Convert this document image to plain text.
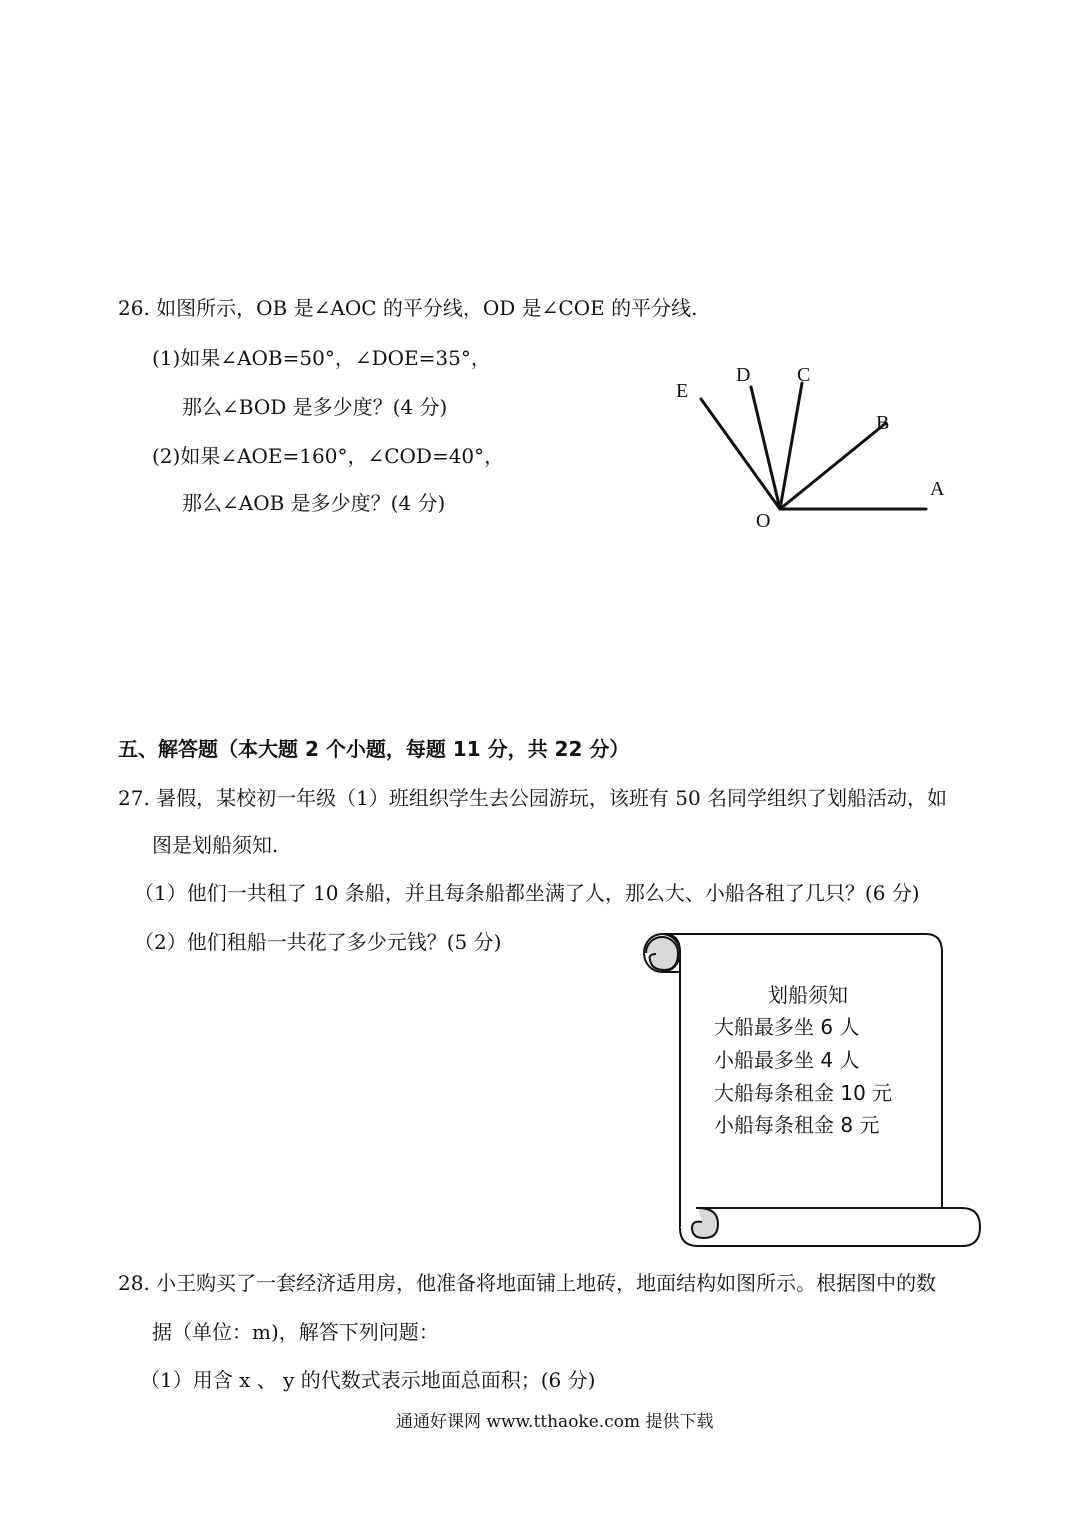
26. 如图所示，OB 是∠AOC 的平分线，OD 是∠COE 的平分线.
(1)如果∠AOB=50°，∠DOE=35°，
那么∠BOD 是多少度？(4 分)
(2)如果∠AOE=160°，∠COD=40°，
那么∠AOB 是多少度？(4 分)
A
B
C
D
E
O
五、解答题（本大题 2 个小题，每题 11 分，共 22 分）
27. 暑假，某校初一年级（1）班组织学生去公园游玩，该班有 50 名同学组织了划船活动，如
图是划船须知.
（1）他们一共租了 10 条船，并且每条船都坐满了人，那么大、小船各租了几只？(6 分)
（2）他们租船一共花了多少元钱？(5 分)
划船须知
大船最多坐 6 人
小船最多坐 4 人
大船每条租金 10 元
小船每条租金 8 元
28. 小王购买了一套经济适用房，他准备将地面铺上地砖，地面结构如图所示。根据图中的数
据（单位：m)，解答下列问题：
（1）用含 x 、 y 的代数式表示地面总面积；(6 分)
通通好课网 www.tthaoke.com 提供下载
